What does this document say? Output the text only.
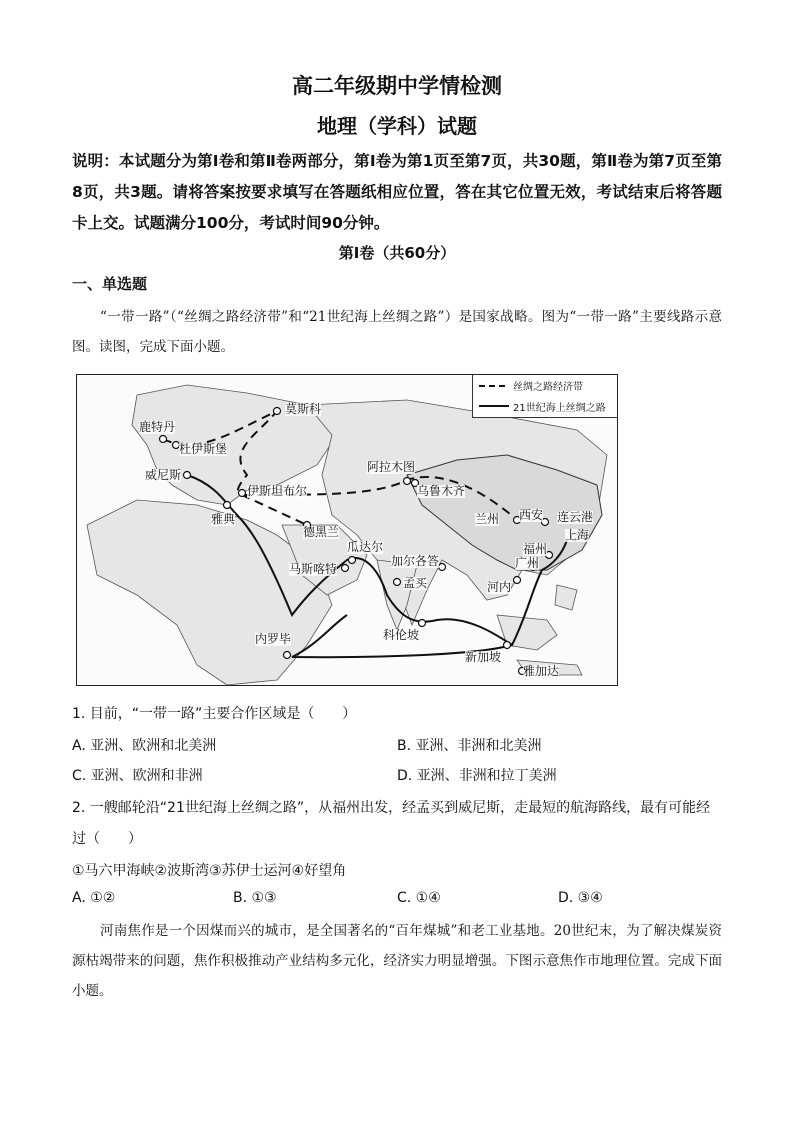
高二年级期中学情检测
地理（学科）试题
说明：本试题分为第Ⅰ卷和第Ⅱ卷两部分，第Ⅰ卷为第1页至第7页，共30题，第Ⅱ卷为第7页至第8页，共3题。请将答案按要求填写在答题纸相应位置，答在其它位置无效，考试结束后将答题卡上交。试题满分100分，考试时间90分钟。
第Ⅰ卷（共60分）
一、单选题
“一带一路”（“丝绸之路经济带”和“21世纪海上丝绸之路”）是国家战略。图为“一带一路”主要线路示意图。读图，完成下面小题。
丝绸之路经济带
21世纪海上丝绸之路
莫斯科
鹿特丹
杜伊斯堡
威尼斯
雅典
伊斯坦布尔
德黑兰
阿拉木图
乌鲁木齐
兰州 西安 连云港
上海
福州
广州
河内
瓜达尔
马斯喀特
加尔各答
孟买
科伦坡
内罗毕
新加坡
雅加达
1. 目前，“一带一路”主要合作区域是（　　）
A. 亚洲、欧洲和北美洲	B. 亚洲、非洲和北美洲
C. 亚洲、欧洲和非洲	D. 亚洲、非洲和拉丁美洲
2. 一艘邮轮沿“21世纪海上丝绸之路”，从福州出发，经孟买到威尼斯，走最短的航海路线，最有可能经
过（　　）
①马六甲海峡②波斯湾③苏伊士运河④好望角
A. ①②	B. ①③	C. ①④	D. ③④
河南焦作是一个因煤而兴的城市，是全国著名的“百年煤城”和老工业基地。20世纪末，为了解决煤炭资源枯竭带来的问题，焦作积极推动产业结构多元化，经济实力明显增强。下图示意焦作市地理位置。完成下面小题。
